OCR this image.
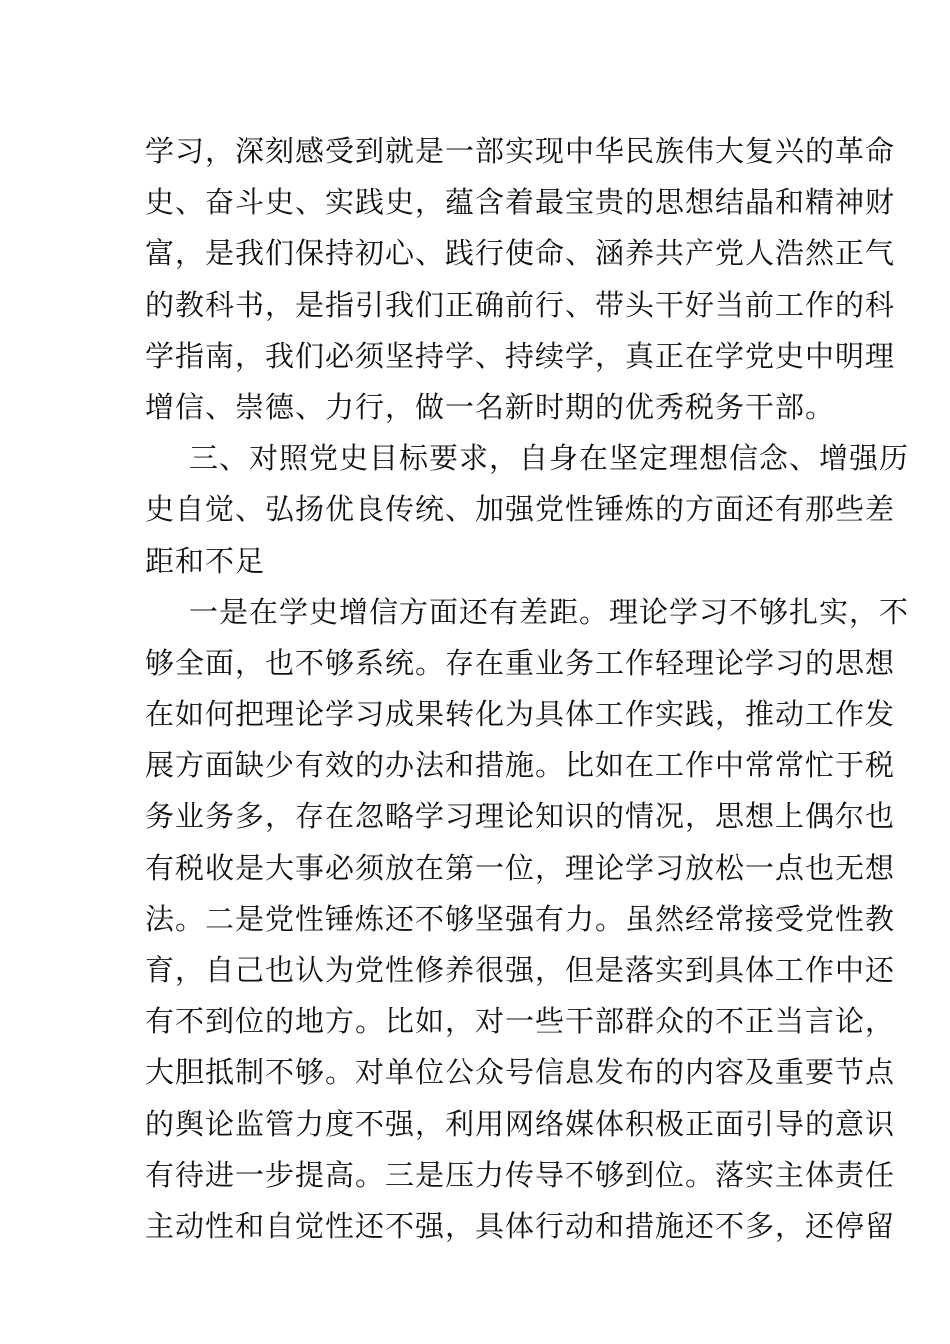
学习，深刻感受到就是一部实现中华民族伟大复兴的革命
史、奋斗史、实践史，蕴含着最宝贵的思想结晶和精神财
富，是我们保持初心、践行使命、涵养共产党人浩然正气
的教科书，是指引我们正确前行、带头干好当前工作的科
学指南，我们必须坚持学、持续学，真正在学党史中明理
增信、崇德、力行，做一名新时期的优秀税务干部。
三、对照党史目标要求，自身在坚定理想信念、增强历
史自觉、弘扬优良传统、加强党性锤炼的方面还有那些差
距和不足
一是在学史增信方面还有差距。理论学习不够扎实，不
够全面，也不够系统。存在重业务工作轻理论学习的思想
在如何把理论学习成果转化为具体工作实践，推动工作发
展方面缺少有效的办法和措施。比如在工作中常常忙于税
务业务多，存在忽略学习理论知识的情况，思想上偶尔也
有税收是大事必须放在第一位，理论学习放松一点也无想
法。二是党性锤炼还不够坚强有力。虽然经常接受党性教
育，自己也认为党性修养很强，但是落实到具体工作中还
有不到位的地方。比如，对一些干部群众的不正当言论，
大胆抵制不够。对单位公众号信息发布的内容及重要节点
的舆论监管力度不强，利用网络媒体积极正面引导的意识
有待进一步提高。三是压力传导不够到位。落实主体责任
主动性和自觉性还不强，具体行动和措施还不多，还停留
